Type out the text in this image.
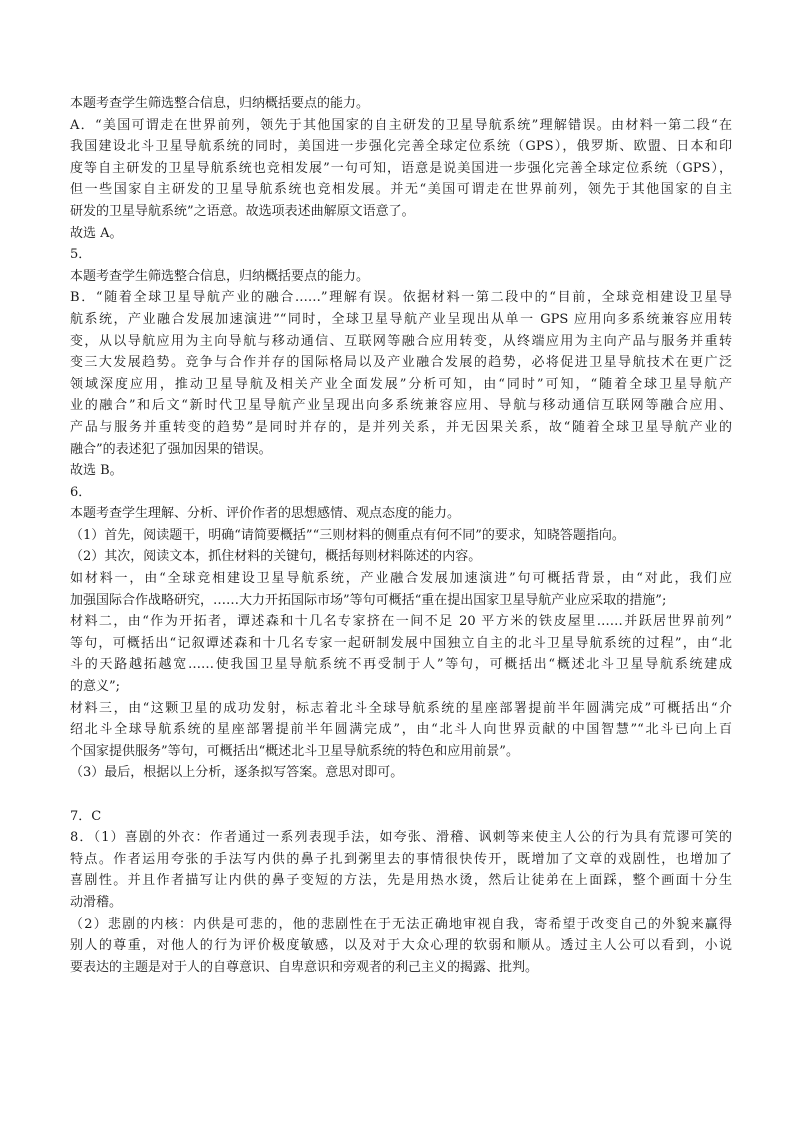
本题考查学生筛选整合信息，归纳概括要点的能力。
A．“美国可谓走在世界前列，领先于其他国家的自主研发的卫星导航系统”理解错误。由材料一第二段“在
我国建设北斗卫星导航系统的同时，美国进一步强化完善全球定位系统（GPS），俄罗斯、欧盟、日本和印
度等自主研发的卫星导航系统也竞相发展”一句可知，语意是说美国进一步强化完善全球定位系统（GPS），
但一些国家自主研发的卫星导航系统也竞相发展。并无“美国可谓走在世界前列，领先于其他国家的自主
研发的卫星导航系统”之语意。故选项表述曲解原文语意了。
故选 A。
5．
本题考查学生筛选整合信息，归纳概括要点的能力。
B．“随着全球卫星导航产业的融合……”理解有误。依据材料一第二段中的“目前，全球竞相建设卫星导
航系统，产业融合发展加速演进”“同时，全球卫星导航产业呈现出从单一 GPS 应用向多系统兼容应用转
变，从以导航应用为主向导航与移动通信、互联网等融合应用转变，从终端应用为主向产品与服务并重转
变三大发展趋势。竞争与合作并存的国际格局以及产业融合发展的趋势，必将促进卫星导航技术在更广泛
领域深度应用，推动卫星导航及相关产业全面发展”分析可知，由“同时”可知，“随着全球卫星导航产
业的融合”和后文“新时代卫星导航产业呈现出向多系统兼容应用、导航与移动通信互联网等融合应用、
产品与服务并重转变的趋势”是同时并存的，是并列关系，并无因果关系，故“随着全球卫星导航产业的
融合”的表述犯了强加因果的错误。
故选 B。
6．
本题考查学生理解、分析、评价作者的思想感情、观点态度的能力。
（1）首先，阅读题干，明确“请简要概括”“三则材料的侧重点有何不同”的要求，知晓答题指向。
（2）其次，阅读文本，抓住材料的关键句，概括每则材料陈述的内容。
如材料一，由“全球竞相建设卫星导航系统，产业融合发展加速演进”句可概括背景，由“对此，我们应
加强国际合作战略研究，……大力开拓国际市场”等句可概括“重在提出国家卫星导航产业应采取的措施”;
材料二，由“作为开拓者，谭述森和十几名专家挤在一间不足 20 平方米的铁皮屋里……并跃居世界前列”
等句，可概括出“记叙谭述森和十几名专家一起研制发展中国独立自主的北斗卫星导航系统的过程”，由“北
斗的天路越拓越宽……使我国卫星导航系统不再受制于人”等句，可概括出“概述北斗卫星导航系统建成
的意义”;
材料三，由“这颗卫星的成功发射，标志着北斗全球导航系统的星座部署提前半年圆满完成”可概括出“介
绍北斗全球导航系统的星座部署提前半年圆满完成”，由“北斗人向世界贡献的中国智慧”“北斗已向上百
个国家提供服务”等句，可概括出“概述北斗卫星导航系统的特色和应用前景”。
（3）最后，根据以上分析，逐条拟写答案。意思对即可。
7．C
8．（1）喜剧的外衣：作者通过一系列表现手法，如夸张、滑稽、讽刺等来使主人公的行为具有荒谬可笑的
特点。作者运用夸张的手法写内供的鼻子扎到粥里去的事情很快传开，既增加了文章的戏剧性，也增加了
喜剧性。并且作者描写让内供的鼻子变短的方法，先是用热水烫，然后让徒弟在上面踩，整个画面十分生
动滑稽。
（2）悲剧的内核：内供是可悲的，他的悲剧性在于无法正确地审视自我，寄希望于改变自己的外貌来赢得
别人的尊重，对他人的行为评价极度敏感，以及对于大众心理的软弱和顺从。透过主人公可以看到，小说
要表达的主题是对于人的自尊意识、自卑意识和旁观者的利己主义的揭露、批判。
